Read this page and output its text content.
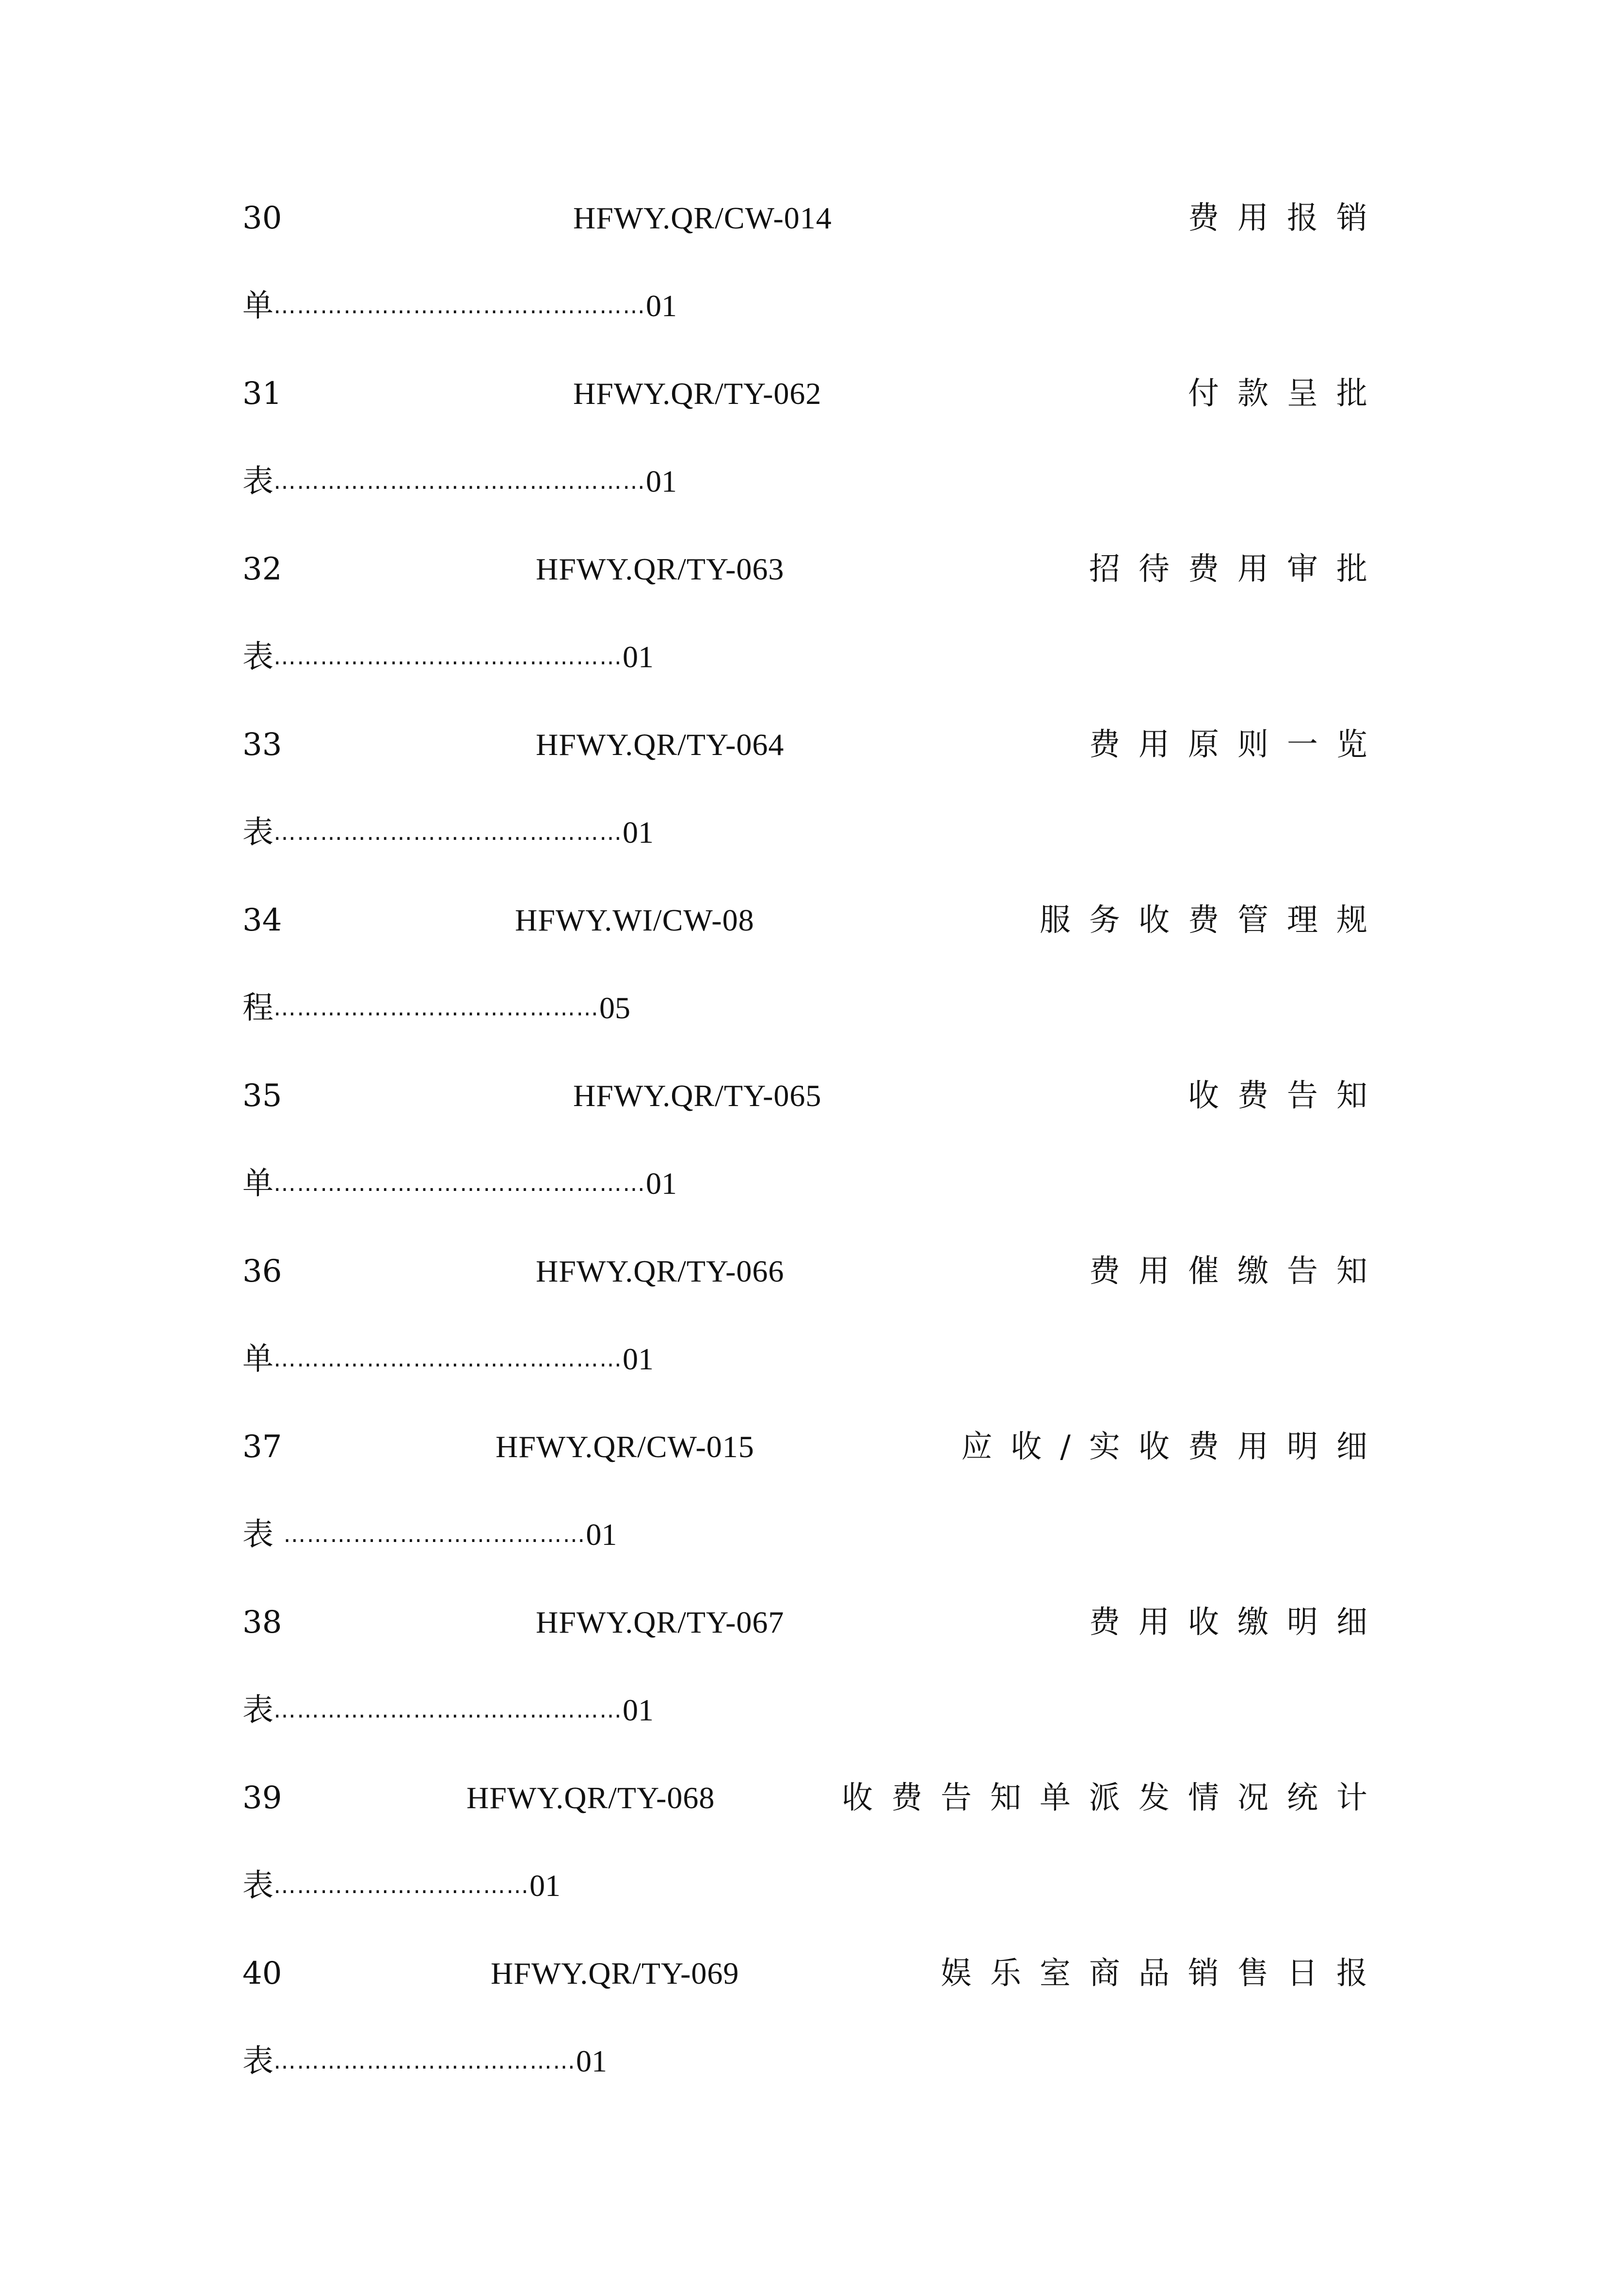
30	HFWY.QR/CW-014	费用报销
单…………………………………………01
31	HFWY.QR/TY-062	付款呈批
表…………………………………………01
32	HFWY.QR/TY-063	招待费用审批
表………………………………………01
33	HFWY.QR/TY-064	费用原则一览
表………………………………………01
34	HFWY.WI/CW-08	服务收费管理规
程……………………………………05
35	HFWY.QR/TY-065	收费告知
单…………………………………………01
36	HFWY.QR/TY-066	费用催缴告知
单………………………………………01
37	HFWY.QR/CW-015	应收/实收费用明细
表 …………………………………01
38	HFWY.QR/TY-067	费用收缴明细
表………………………………………01
39	HFWY.QR/TY-068	收费告知单派发情况统计
表……………………………01
40	HFWY.QR/TY-069	娱乐室商品销售日报
表…………………………………01
